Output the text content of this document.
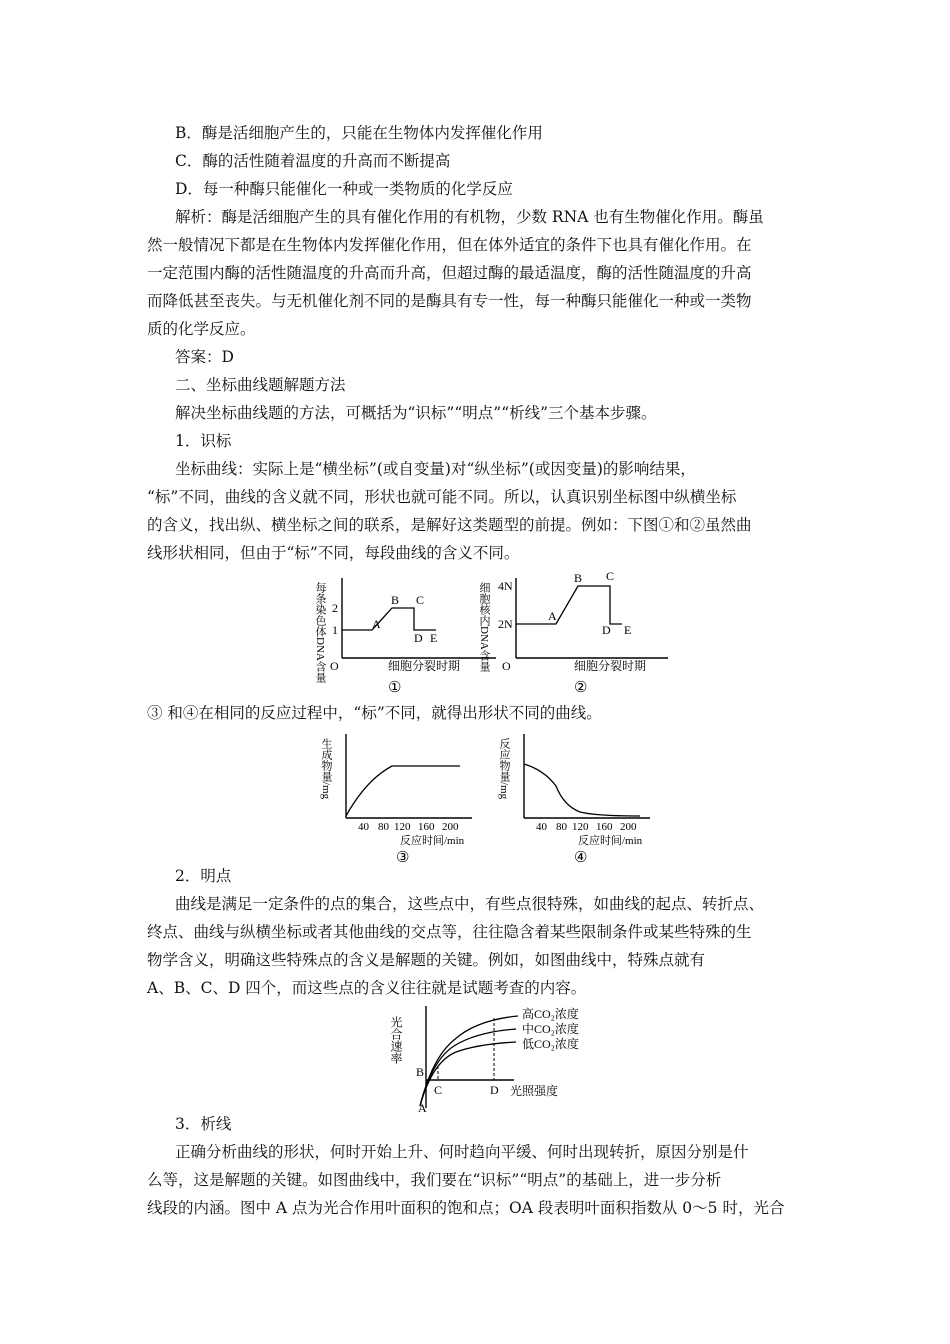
B．酶是活细胞产生的，只能在生物体内发挥催化作用
C．酶的活性随着温度的升高而不断提高
D．每一种酶只能催化一种或一类物质的化学反应
解析：酶是活细胞产生的具有催化作用的有机物，少数 RNA 也有生物催化作用。酶虽
然一般情况下都是在生物体内发挥催化作用，但在体外适宜的条件下也具有催化作用。在
一定范围内酶的活性随温度的升高而升高，但超过酶的最适温度，酶的活性随温度的升高
而降低甚至丧失。与无机催化剂不同的是酶具有专一性，每一种酶只能催化一种或一类物
质的化学反应。
答案：D
二、坐标曲线题解题方法
解决坐标曲线题的方法，可概括为“识标”“明点”“析线”三个基本步骤。
1．识标
坐标曲线：实际上是“横坐标”(或自变量)对“纵坐标”(或因变量)的影响结果，
“标”不同，曲线的含义就不同，形状也就可能不同。所以，认真识别坐标图中纵横坐标
的含义，找出纵、横坐标之间的联系，是解好这类题型的前提。例如：下图①和②虽然曲
线形状相同，但由于“标”不同，每段曲线的含义不同。
每条染色体DNA含量 2
1
O
A
B C
D E
细胞分裂时期
①
细胞核内DNA含量 4N
2N
O
A
B C
D E
细胞分裂时期
②
③ 和④在相同的反应过程中，“标”不同，就得出形状不同的曲线。
生成物量/mg
40 80 120 160 200
反应时间/min
③
反应物量/mg
40 80 120 160 200
反应时间/min
④
2．明点
曲线是满足一定条件的点的集合，这些点中，有些点很特殊，如曲线的起点、转折点、
终点、曲线与纵横坐标或者其他曲线的交点等，往往隐含着某些限制条件或某些特殊的生
物学含义，明确这些特殊点的含义是解题的关键。例如，如图曲线中，特殊点就有
A、B、C、D 四个，而这些点的含义往往就是试题考查的内容。
光合速率
A
B
C	D 光照强度
高CO₂浓度
中CO₂浓度
低CO₂浓度
3．析线
正确分析曲线的形状，何时开始上升、何时趋向平缓、何时出现转折，原因分别是什
么等，这是解题的关键。如图曲线中，我们要在“识标”“明点”的基础上，进一步分析
线段的内涵。图中 A 点为光合作用叶面积的饱和点；OA 段表明叶面积指数从 0～5 时，光合
